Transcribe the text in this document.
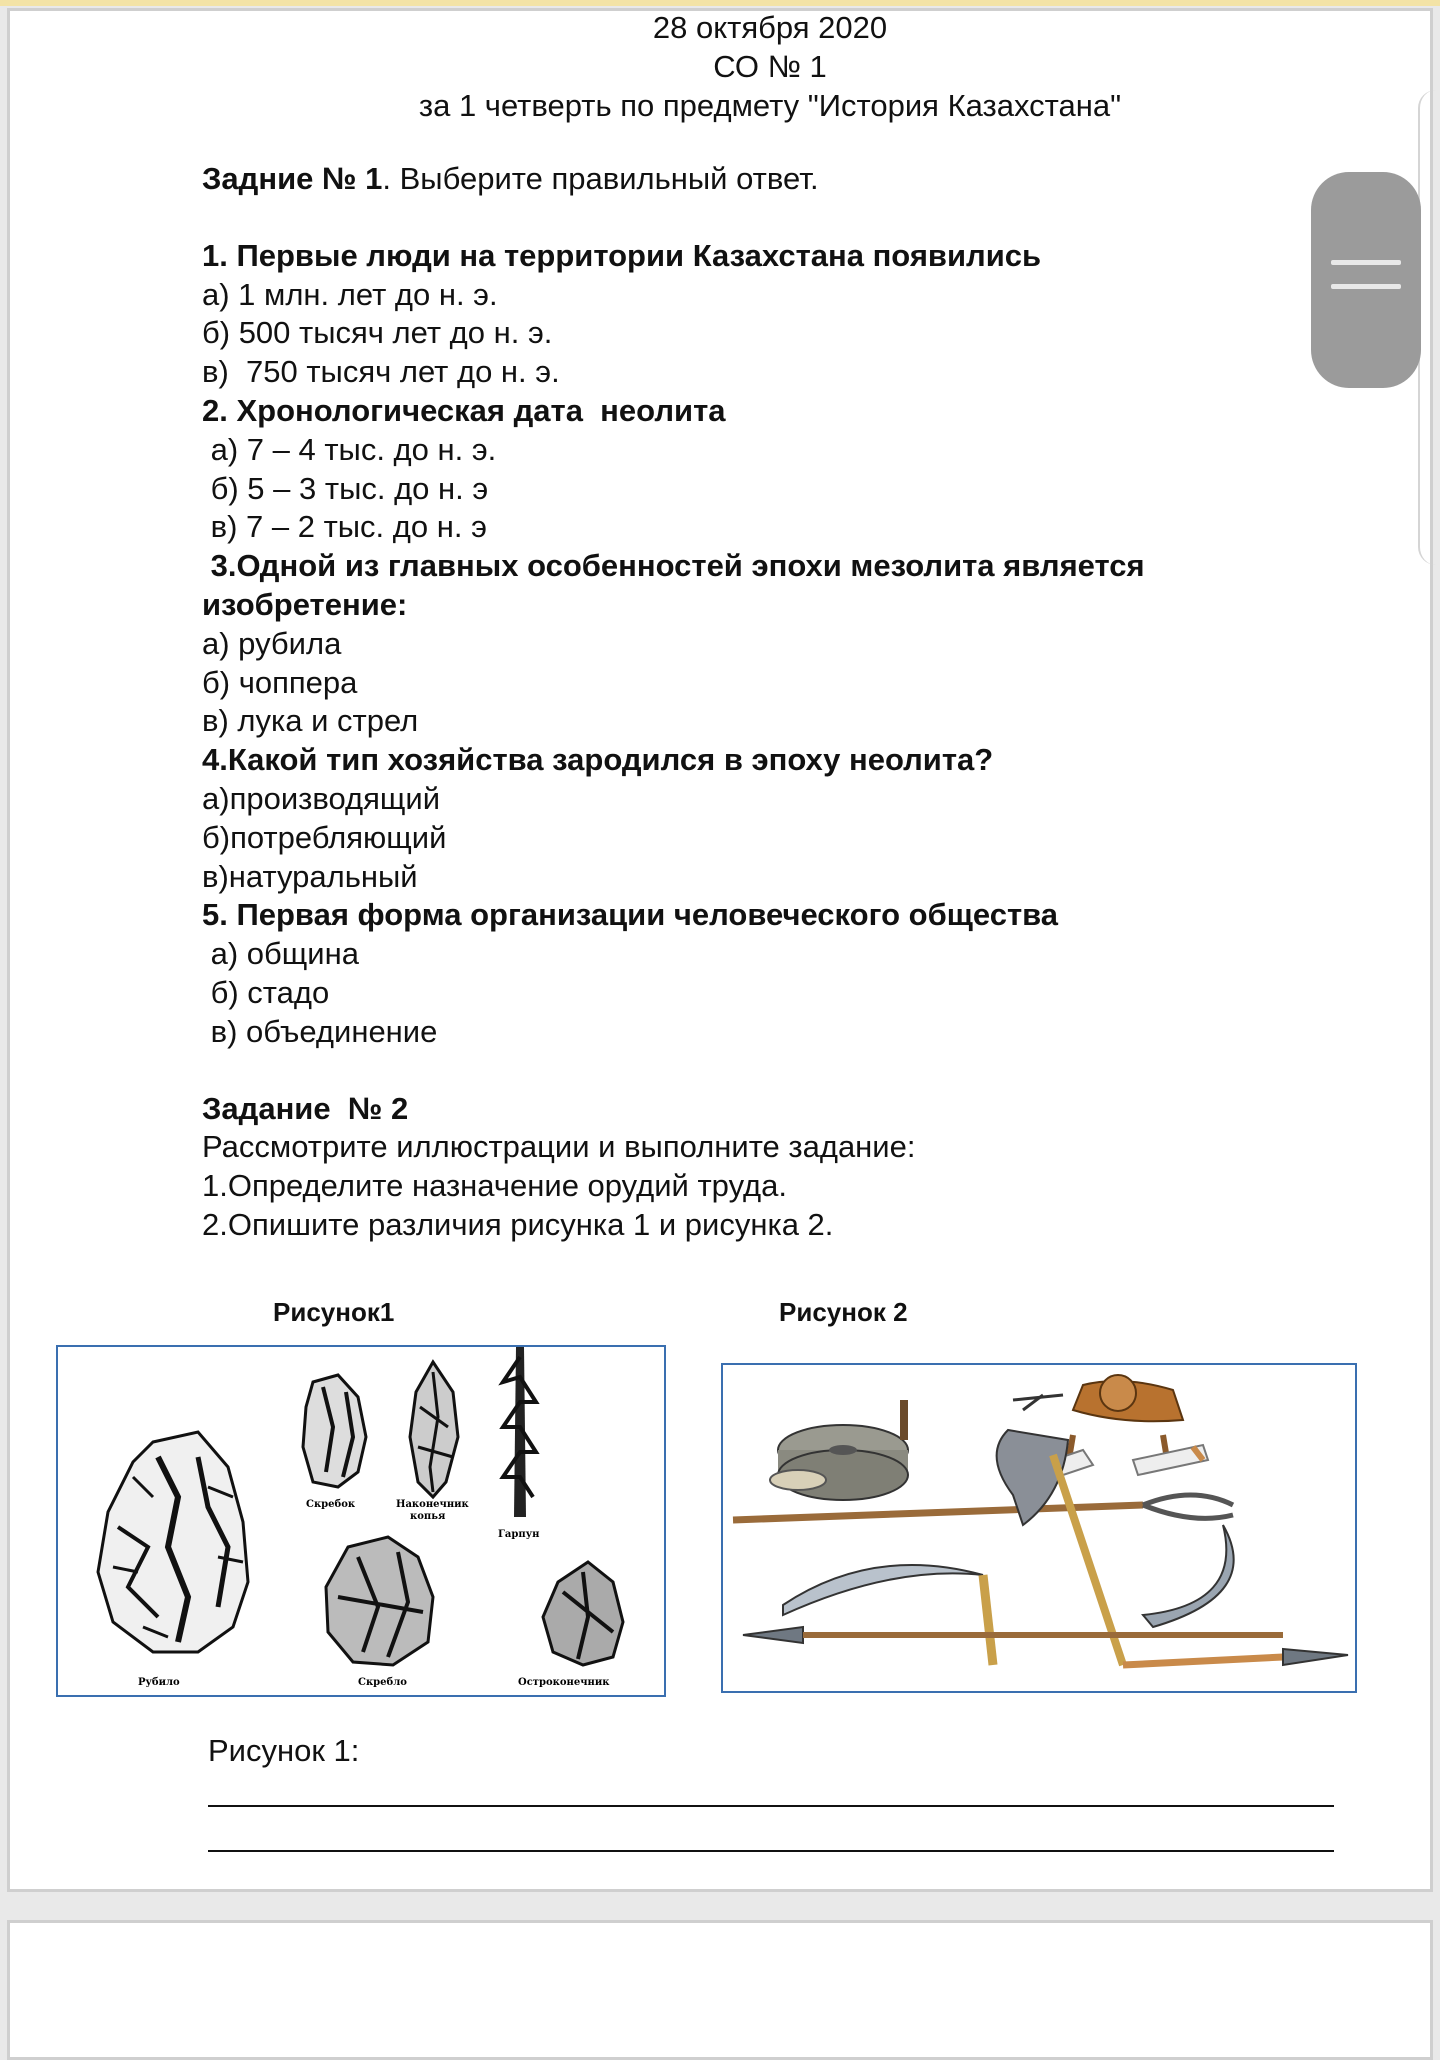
28 октября 2020
СО № 1
за 1 четверть по предмету "История Казахстана"
Задние № 1. Выберите правильный ответ.
1. Первые люди на территории Казахстана появились
а) 1 млн. лет до н. э.
б) 500 тысяч лет до н. э.
в)  750 тысяч лет до н. э.
2. Хронологическая дата  неолита
а) 7 – 4 тыс. до н. э.
б) 5 – 3 тыс. до н. э
в) 7 – 2 тыс. до н. э
3.Одной из главных особенностей эпохи мезолита является
изобретение:
а) рубила
б) чоппера
в) лука и стрел
4.Какой тип хозяйства зародился в эпоху неолита?
а)производящий
б)потребляющий
в)натуральный
5. Первая форма организации человеческого общества
а) община
б) стадо
в) объединение
Задание  № 2
Рассмотрите иллюстрации и выполните задание:
1.Определите назначение орудий труда.
2.Опишите различия рисунка 1 и рисунка 2.
Рисунок1	Рисунок 2
Скребок	Наконечник
копья
Гарпун
Рубило	Скребло	Остроконечник
Рисунок 1:
